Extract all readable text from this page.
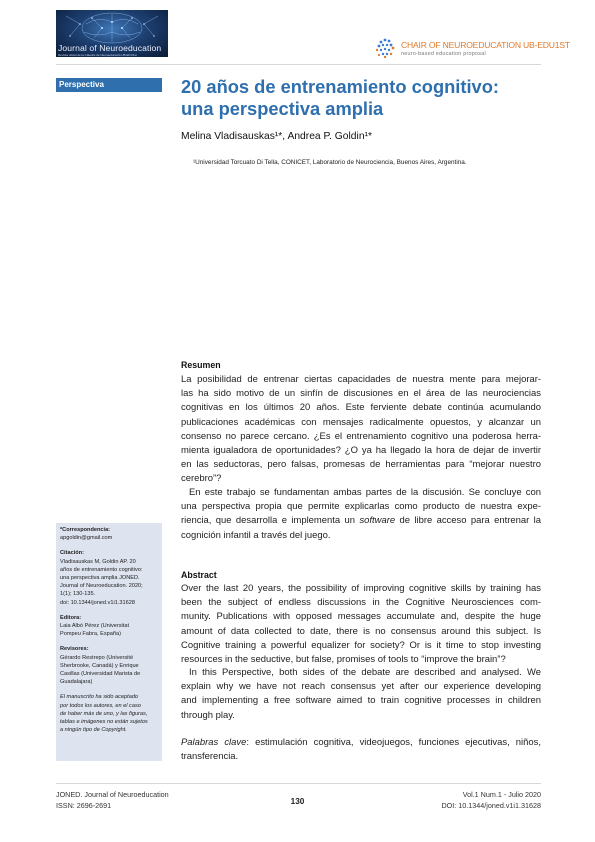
Journal of Neuroeducation
Revista oficial de la Càtedra de Neuroeducació UB-EDU1st
CHAIR OF NEUROEDUCATION UB-EDU1ST
neuro-based education proposal
Perspectiva	20 años de entrenamiento cognitivo:
una perspectiva amplia
Melina Vladisauskas¹*, Andrea P. Goldin¹*
¹Universidad Torcuato Di Tella, CONICET, Laboratorio de Neurociencia, Buenos Aires, Argentina.
Resumen
La posibilidad de entrenar ciertas capacidades de nuestra mente para mejorar-
las ha sido motivo de un sinfín de discusiones en el área de las neurociencias
cognitivas en los últimos 20 años. Este ferviente debate continúa acumulando
publicaciones académicas con mensajes radicalmente opuestos, y alcanzar un
consenso no parece cercano. ¿Es el entrenamiento cognitivo una poderosa herra-
mienta igualadora de oportunidades? ¿O ya ha llegado la hora de dejar de invertir
en las seductoras, pero falsas, promesas de herramientas para “mejorar nuestro
cerebro”?
En este trabajo se fundamentan ambas partes de la discusión. Se concluye con
una perspectiva propia que permite explicarlas como producto de nuestra expe-
riencia, que desarrolla e implementa un software de libre acceso para entrenar la
cognición infantil a través del juego.
Abstract
Over the last 20 years, the possibility of improving cognitive skills by training has
been the subject of endless discussions in the Cognitive Neurosciences com-
munity. Publications with opposed messages accumulate and, despite the huge
amount of data collected to date, there is no consensus around this subject. Is
Cognitive training a powerful equalizer for society? Or is it time to stop investing
resources in the seductive, but false, promises of tools to “improve the brain”?
In this Perspective, both sides of the debate are described and analysed. We
explain why we have not reach consensus yet after our experience developing
and implementing a free software aimed to train cognitive processes in children
through play.
Palabras clave: estimulación cognitiva, videojuegos, funciones ejecutivas, niños,
transferencia.
*Correspondencia:
apgoldin@gmail.com
Citación:
Vladisauskas M, Goldin AP. 20
años de entrenamiento cognitivo:
una perspectiva amplia JONED.
Journal of Neuroeducation. 2020;
1(1); 130-135.
doi: 10.1344/joned.v1i1.31628
Editora:
Laia Albó Pérez (Universitat
Pompeu Fabra, España)
Revisores:
Gérardo Restrepo (Université
Sherbrooke, Canadá) y Enrique
Casillas (Universidad Marista de
Guadalajara)
El manuscrito ha sido aceptado
por todos los autores, en el caso
de haber más de uno, y las figuras,
tablas e imágenes no están sujetos
a ningún tipo de Copyright.
JONED. Journal of Neuroeducation
ISSN: 2696-2691	130
Vol.1 Num.1 - Julio 2020
DOI: 10.1344/joned.v1i1.31628
